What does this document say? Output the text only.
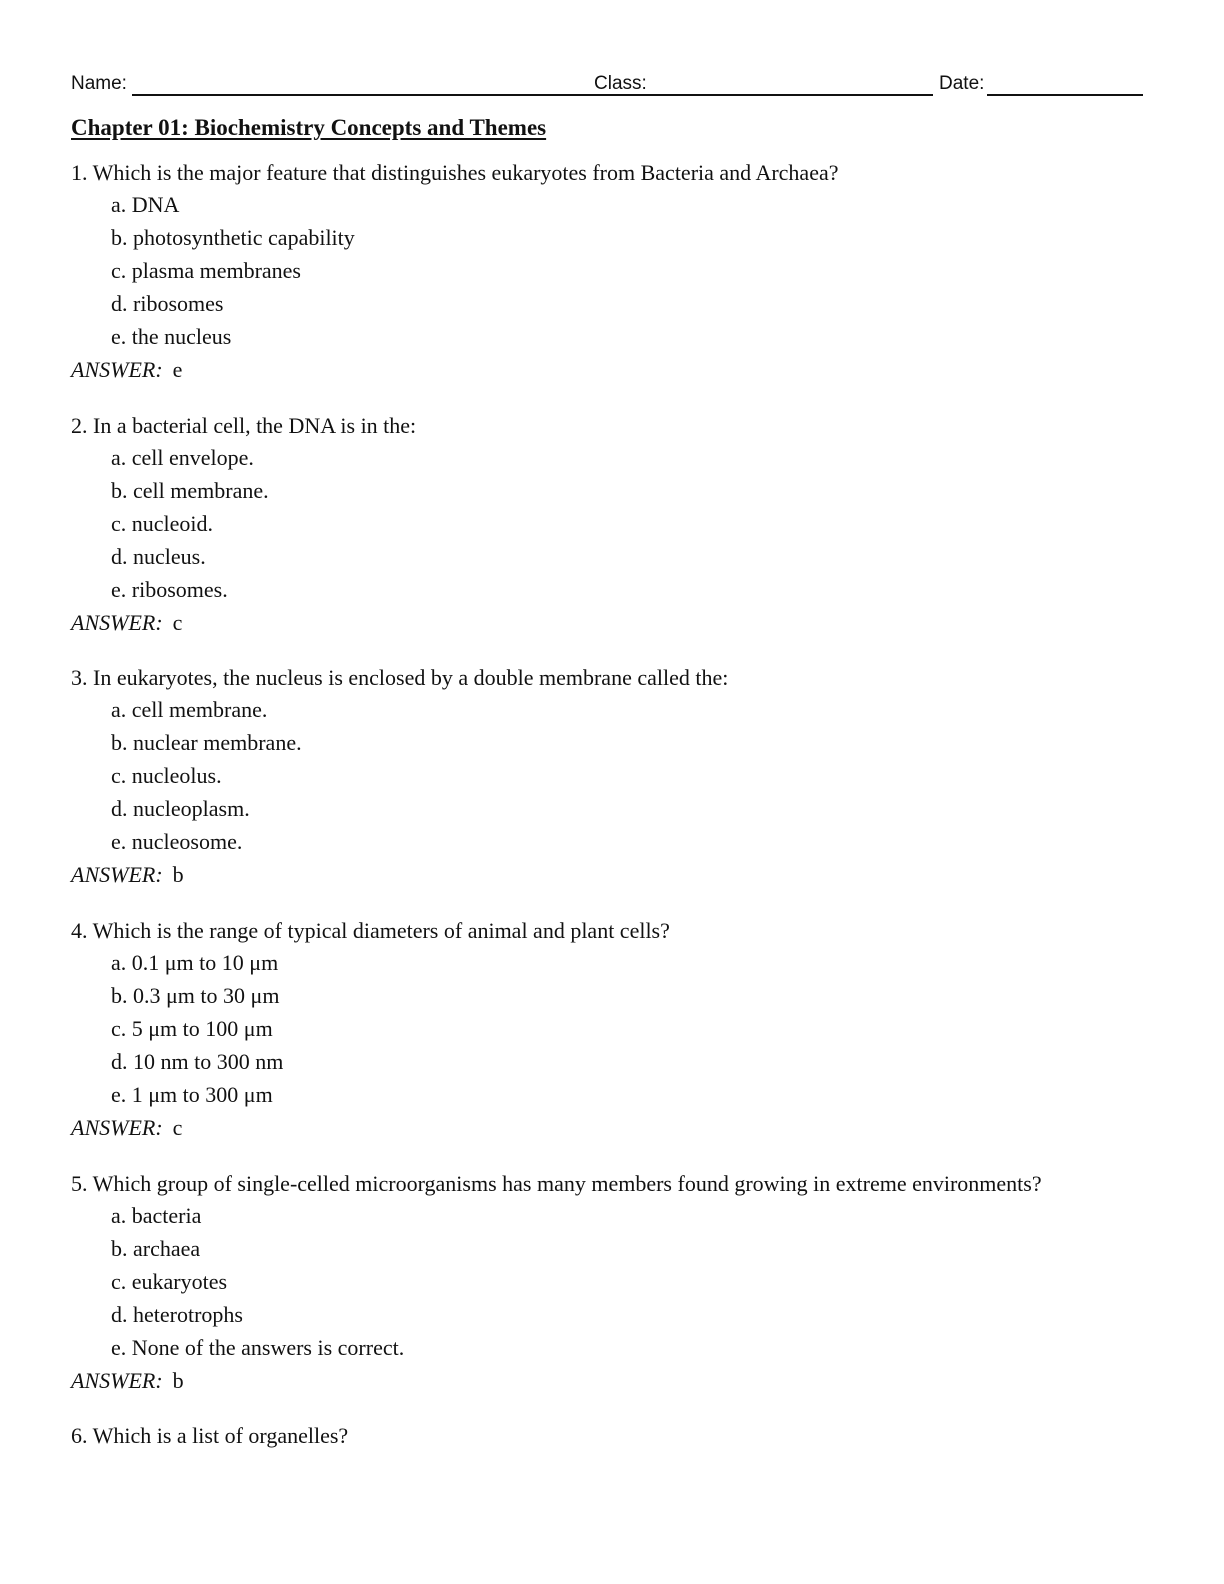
Name:	Class:	Date:
Chapter 01: Biochemistry Concepts and Themes
1. Which is the major feature that distinguishes eukaryotes from Bacteria and Archaea?
a. DNA
b. photosynthetic capability
c. plasma membranes
d. ribosomes
e. the nucleus
ANSWER: e
2. In a bacterial cell, the DNA is in the:
a. cell envelope.
b. cell membrane.
c. nucleoid.
d. nucleus.
e. ribosomes.
ANSWER: c
3. In eukaryotes, the nucleus is enclosed by a double membrane called the:
a. cell membrane.
b. nuclear membrane.
c. nucleolus.
d. nucleoplasm.
e. nucleosome.
ANSWER: b
4. Which is the range of typical diameters of animal and plant cells?
a. 0.1 μm to 10 μm
b. 0.3 μm to 30 μm
c. 5 μm to 100 μm
d. 10 nm to 300 nm
e. 1 μm to 300 μm
ANSWER: c
5. Which group of single-celled microorganisms has many members found growing in extreme environments?
a. bacteria
b. archaea
c. eukaryotes
d. heterotrophs
e. None of the answers is correct.
ANSWER: b
6. Which is a list of organelles?
